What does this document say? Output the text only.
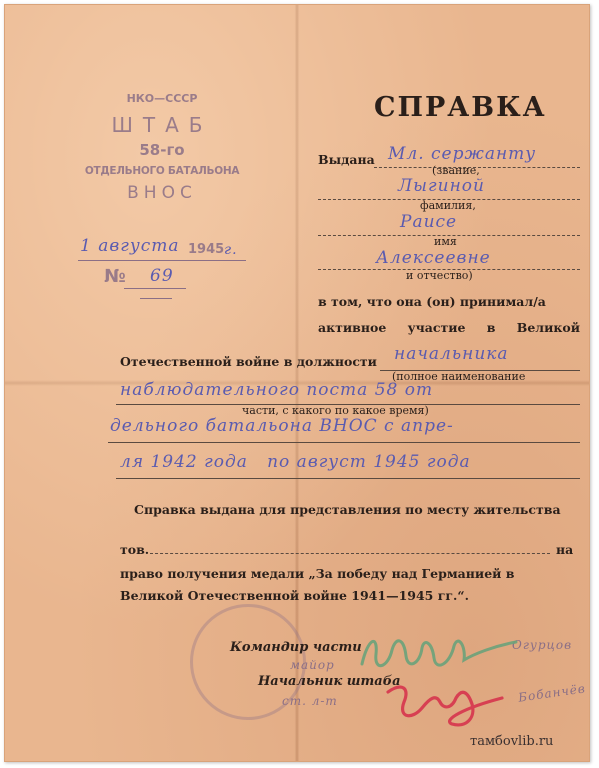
НКО—СССР
ШТАБ
58-го
ОТДЕЛЬНОГО БАТАЛЬОНА
ВНОС
1 августа 1945 г.
№ 69
СПРАВКА
Выдана Мл. сержанту
(звание,
Лыгиной
фамилия,
Раисе
имя
Алексеевне
и отчество)
в том, что она (он) принимал/а
активное участие в Великой
Отечественной войне в должности начальника
(полное наименование
наблюдательного поста 58 от
части, с какого по какое время)
дельного батальона ВНОС с апре-
ля 1942 года   по август 1945 года
Справка выдана для представления по месту жительства
тов.	на
право получения медали „За победу над Германией в
Великой Отечественной войне 1941—1945 гг.“.
Командир части
майор
Начальник штаба
ст. л-т
Огурцов
Бобанчёв
тамбovlib.ru
